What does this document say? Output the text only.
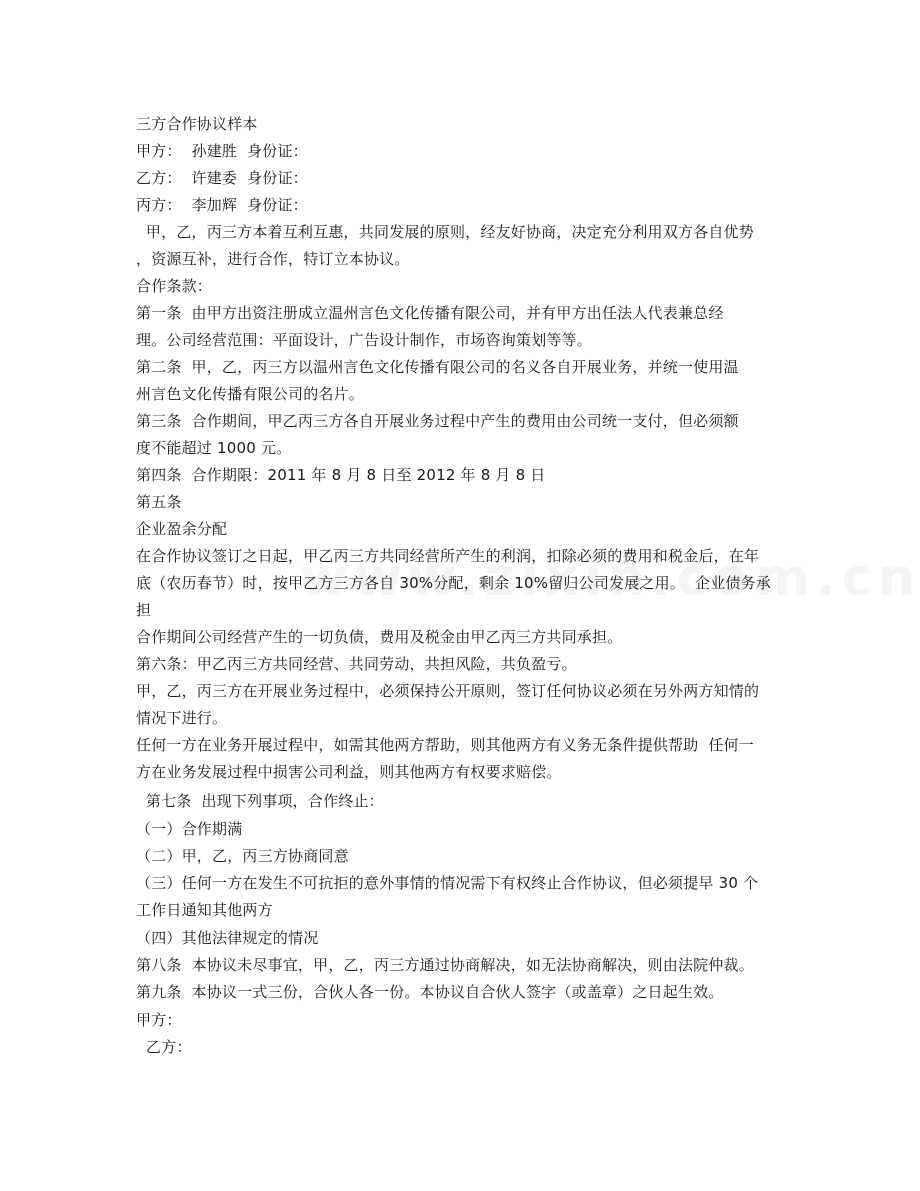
三方合作协议样本
甲方：  孙建胜  身份证：
乙方：  许建委  身份证：
丙方：  李加辉  身份证：
甲，乙，丙三方本着互利互惠，共同发展的原则，经友好协商，决定充分利用双方各自优势
，资源互补，进行合作，特订立本协议。
合作条款：
第一条  由甲方出资注册成立温州言色文化传播有限公司，并有甲方出任法人代表兼总经
理。公司经营范围：平面设计，广告设计制作，市场咨询策划等等。
第二条  甲，乙，丙三方以温州言色文化传播有限公司的名义各自开展业务，并统一使用温
州言色文化传播有限公司的名片。
第三条  合作期间，甲乙丙三方各自开展业务过程中产生的费用由公司统一支付，但必须额
度不能超过 1000 元。
第四条  合作期限：2011 年 8 月 8 日至 2012 年 8 月 8 日
第五条
企业盈余分配
在合作协议签订之日起，甲乙丙三方共同经营所产生的利润，扣除必须的费用和税金后，在年
底（农历春节）时，按甲乙方三方各自 30%分配，剩余 10%留归公司发展之用。  企业债务承
担
合作期间公司经营产生的一切负债，费用及税金由甲乙丙三方共同承担。
第六条：甲乙丙三方共同经营、共同劳动，共担风险，共负盈亏。
甲，乙，丙三方在开展业务过程中，必须保持公开原则，签订任何协议必须在另外两方知情的
情况下进行。
任何一方在业务开展过程中，如需其他两方帮助，则其他两方有义务无条件提供帮助  任何一
方在业务发展过程中损害公司利益，则其他两方有权要求赔偿。
第七条  出现下列事项，合作终止：
（一）合作期满
（二）甲，乙，丙三方协商同意
（三）任何一方在发生不可抗拒的意外事情的情况需下有权终止合作协议，但必须提早 30 个
工作日通知其他两方
（四）其他法律规定的情况
第八条  本协议未尽事宜，甲，乙，丙三方通过协商解决，如无法协商解决，则由法院仲裁。
第九条  本协议一式三份，合伙人各一份。本协议自合伙人签字（或盖章）之日起生效。
甲方：
乙方：
